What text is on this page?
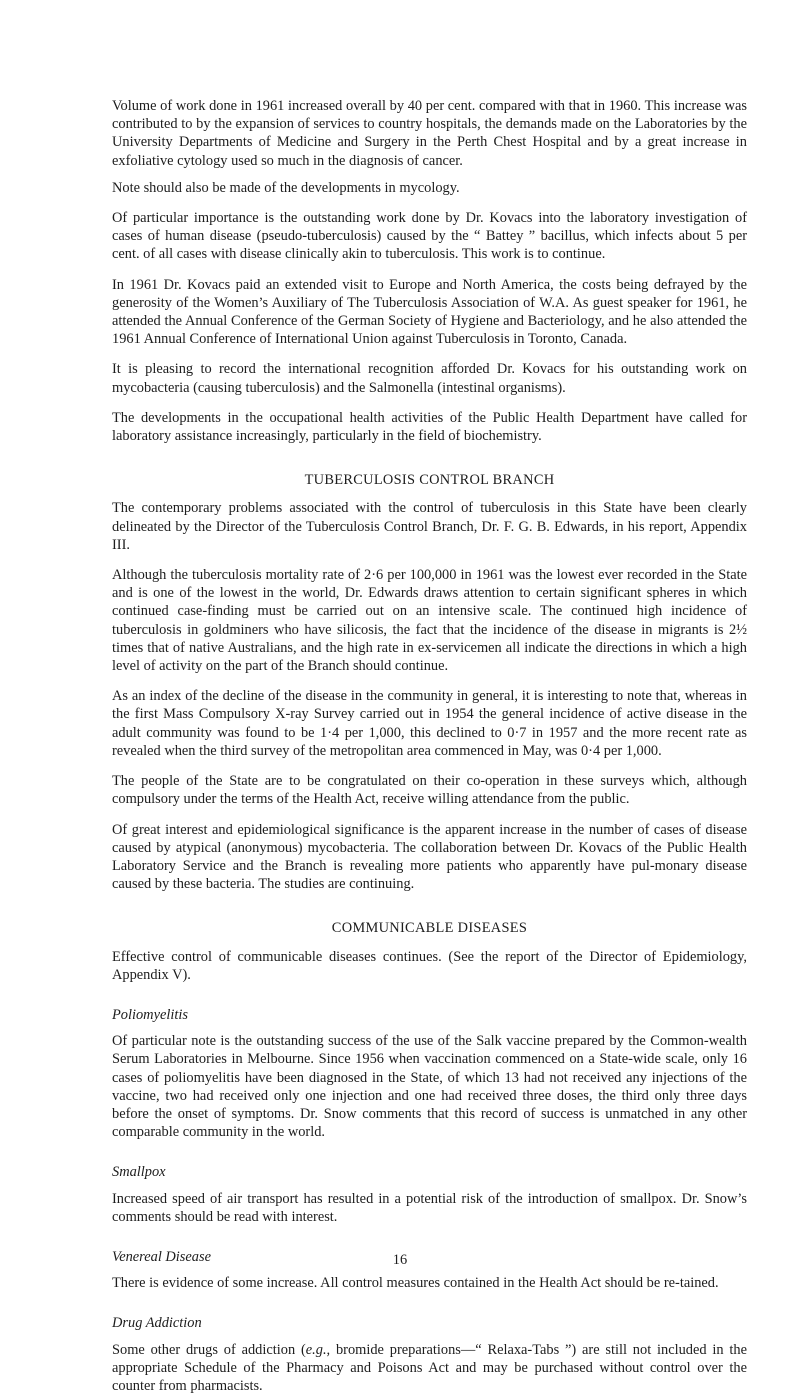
Volume of work done in 1961 increased overall by 40 per cent. compared with that in 1960. This increase was contributed to by the expansion of services to country hospitals, the demands made on the Laboratories by the University Departments of Medicine and Surgery in the Perth Chest Hospital and by a great increase in exfoliative cytology used so much in the diagnosis of cancer.

Note should also be made of the developments in mycology.

Of particular importance is the outstanding work done by Dr. Kovacs into the laboratory investigation of cases of human disease (pseudo-tuberculosis) caused by the “ Battey ” bacillus, which infects about 5 per cent. of all cases with disease clinically akin to tuberculosis. This work is to continue.

In 1961 Dr. Kovacs paid an extended visit to Europe and North America, the costs being defrayed by the generosity of the Women’s Auxiliary of The Tuberculosis Association of W.A. As guest speaker for 1961, he attended the Annual Conference of the German Society of Hygiene and Bacteriology, and he also attended the 1961 Annual Conference of International Union against Tuberculosis in Toronto, Canada.

It is pleasing to record the international recognition afforded Dr. Kovacs for his outstanding work on mycobacteria (causing tuberculosis) and the Salmonella (intestinal organisms).

The developments in the occupational health activities of the Public Health Department have called for laboratory assistance increasingly, particularly in the field of biochemistry.

TUBERCULOSIS CONTROL BRANCH

The contemporary problems associated with the control of tuberculosis in this State have been clearly delineated by the Director of the Tuberculosis Control Branch, Dr. F. G. B. Edwards, in his report, Appendix III.

Although the tuberculosis mortality rate of 2·6 per 100,000 in 1961 was the lowest ever recorded in the State and is one of the lowest in the world, Dr. Edwards draws attention to certain significant spheres in which continued case-finding must be carried out on an intensive scale. The continued high incidence of tuberculosis in goldminers who have silicosis, the fact that the incidence of the disease in migrants is 2½ times that of native Australians, and the high rate in ex-servicemen all indicate the directions in which a high level of activity on the part of the Branch should continue.

As an index of the decline of the disease in the community in general, it is interesting to note that, whereas in the first Mass Compulsory X-ray Survey carried out in 1954 the general incidence of active disease in the adult community was found to be 1·4 per 1,000, this declined to 0·7 in 1957 and the more recent rate as revealed when the third survey of the metropolitan area commenced in May, was 0·4 per 1,000.

The people of the State are to be congratulated on their co-operation in these surveys which, although compulsory under the terms of the Health Act, receive willing attendance from the public.

Of great interest and epidemiological significance is the apparent increase in the number of cases of disease caused by atypical (anonymous) mycobacteria. The collaboration between Dr. Kovacs of the Public Health Laboratory Service and the Branch is revealing more patients who apparently have pul-monary disease caused by these bacteria. The studies are continuing.

COMMUNICABLE DISEASES

Effective control of communicable diseases continues. (See the report of the Director of Epidemiology, Appendix V).

Poliomyelitis

Of particular note is the outstanding success of the use of the Salk vaccine prepared by the Common-wealth Serum Laboratories in Melbourne. Since 1956 when vaccination commenced on a State-wide scale, only 16 cases of poliomyelitis have been diagnosed in the State, of which 13 had not received any injections of the vaccine, two had received only one injection and one had received three doses, the third only three days before the onset of symptoms. Dr. Snow comments that this record of success is unmatched in any other comparable community in the world.

Smallpox

Increased speed of air transport has resulted in a potential risk of the introduction of smallpox. Dr. Snow’s comments should be read with interest.

Venereal Disease

There is evidence of some increase. All control measures contained in the Health Act should be re-tained.

Drug Addiction

Some other drugs of addiction (e.g., bromide preparations—“ Relaxa-Tabs ”) are still not included in the appropriate Schedule of the Pharmacy and Poisons Act and may be purchased without control over the counter from pharmacists.

16
